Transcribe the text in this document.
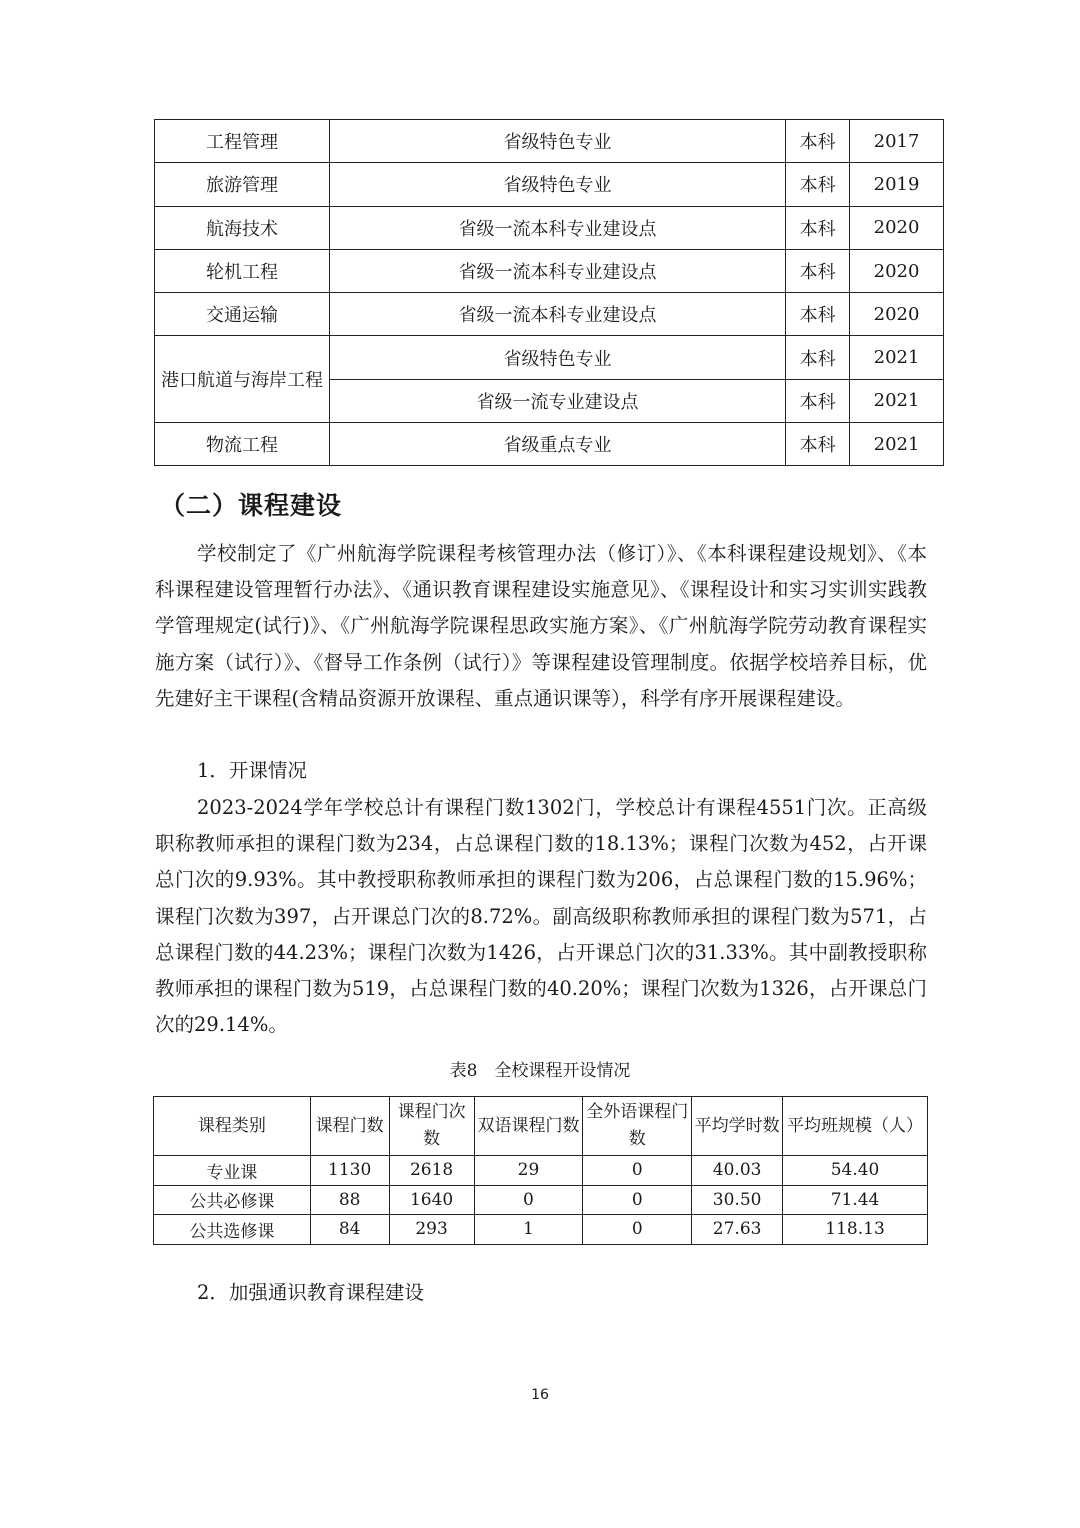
工程管理	省级特色专业	本科	2017
旅游管理	省级特色专业	本科	2019
航海技术	省级一流本科专业建设点	本科	2020
轮机工程	省级一流本科专业建设点	本科	2020
交通运输	省级一流本科专业建设点	本科	2020
港口航道与海岸工程	省级特色专业	本科	2021
	省级一流专业建设点	本科	2021
物流工程	省级重点专业	本科	2021
（二）课程建设

学校制定了《广州航海学院课程考核管理办法（修订）》、《本科课程建设规划》、《本科课程建设管理暂行办法》、《通识教育课程建设实施意见》、《课程设计和实习实训实践教学管理规定(试行)》、《广州航海学院课程思政实施方案》、《广州航海学院劳动教育课程实施方案（试行）》、《督导工作条例（试行）》等课程建设管理制度。依据学校培养目标，优先建好主干课程(含精品资源开放课程、重点通识课等），科学有序开展课程建设。

1．开课情况

2023-2024学年学校总计有课程门数1302门，学校总计有课程4551门次。正高级职称教师承担的课程门数为234，占总课程门数的18.13%；课程门次数为452，占开课总门次的9.93%。其中教授职称教师承担的课程门数为206，占总课程门数的15.96%；课程门次数为397，占开课总门次的8.72%。副高级职称教师承担的课程门数为571，占总课程门数的44.23%；课程门次数为1426，占开课总门次的31.33%。其中副教授职称教师承担的课程门数为519，占总课程门数的40.20%；课程门次数为1326，占开课总门次的29.14%。

表8　全校课程开设情况
课程类别	课程门数	课程门次数	双语课程门数	全外语课程门数	平均学时数	平均班规模（人）
专业课	1130	2618	29	0	40.03	54.40
公共必修课	88	1640	0	0	30.50	71.44
公共选修课	84	293	1	0	27.63	118.13
2．加强通识教育课程建设
16
